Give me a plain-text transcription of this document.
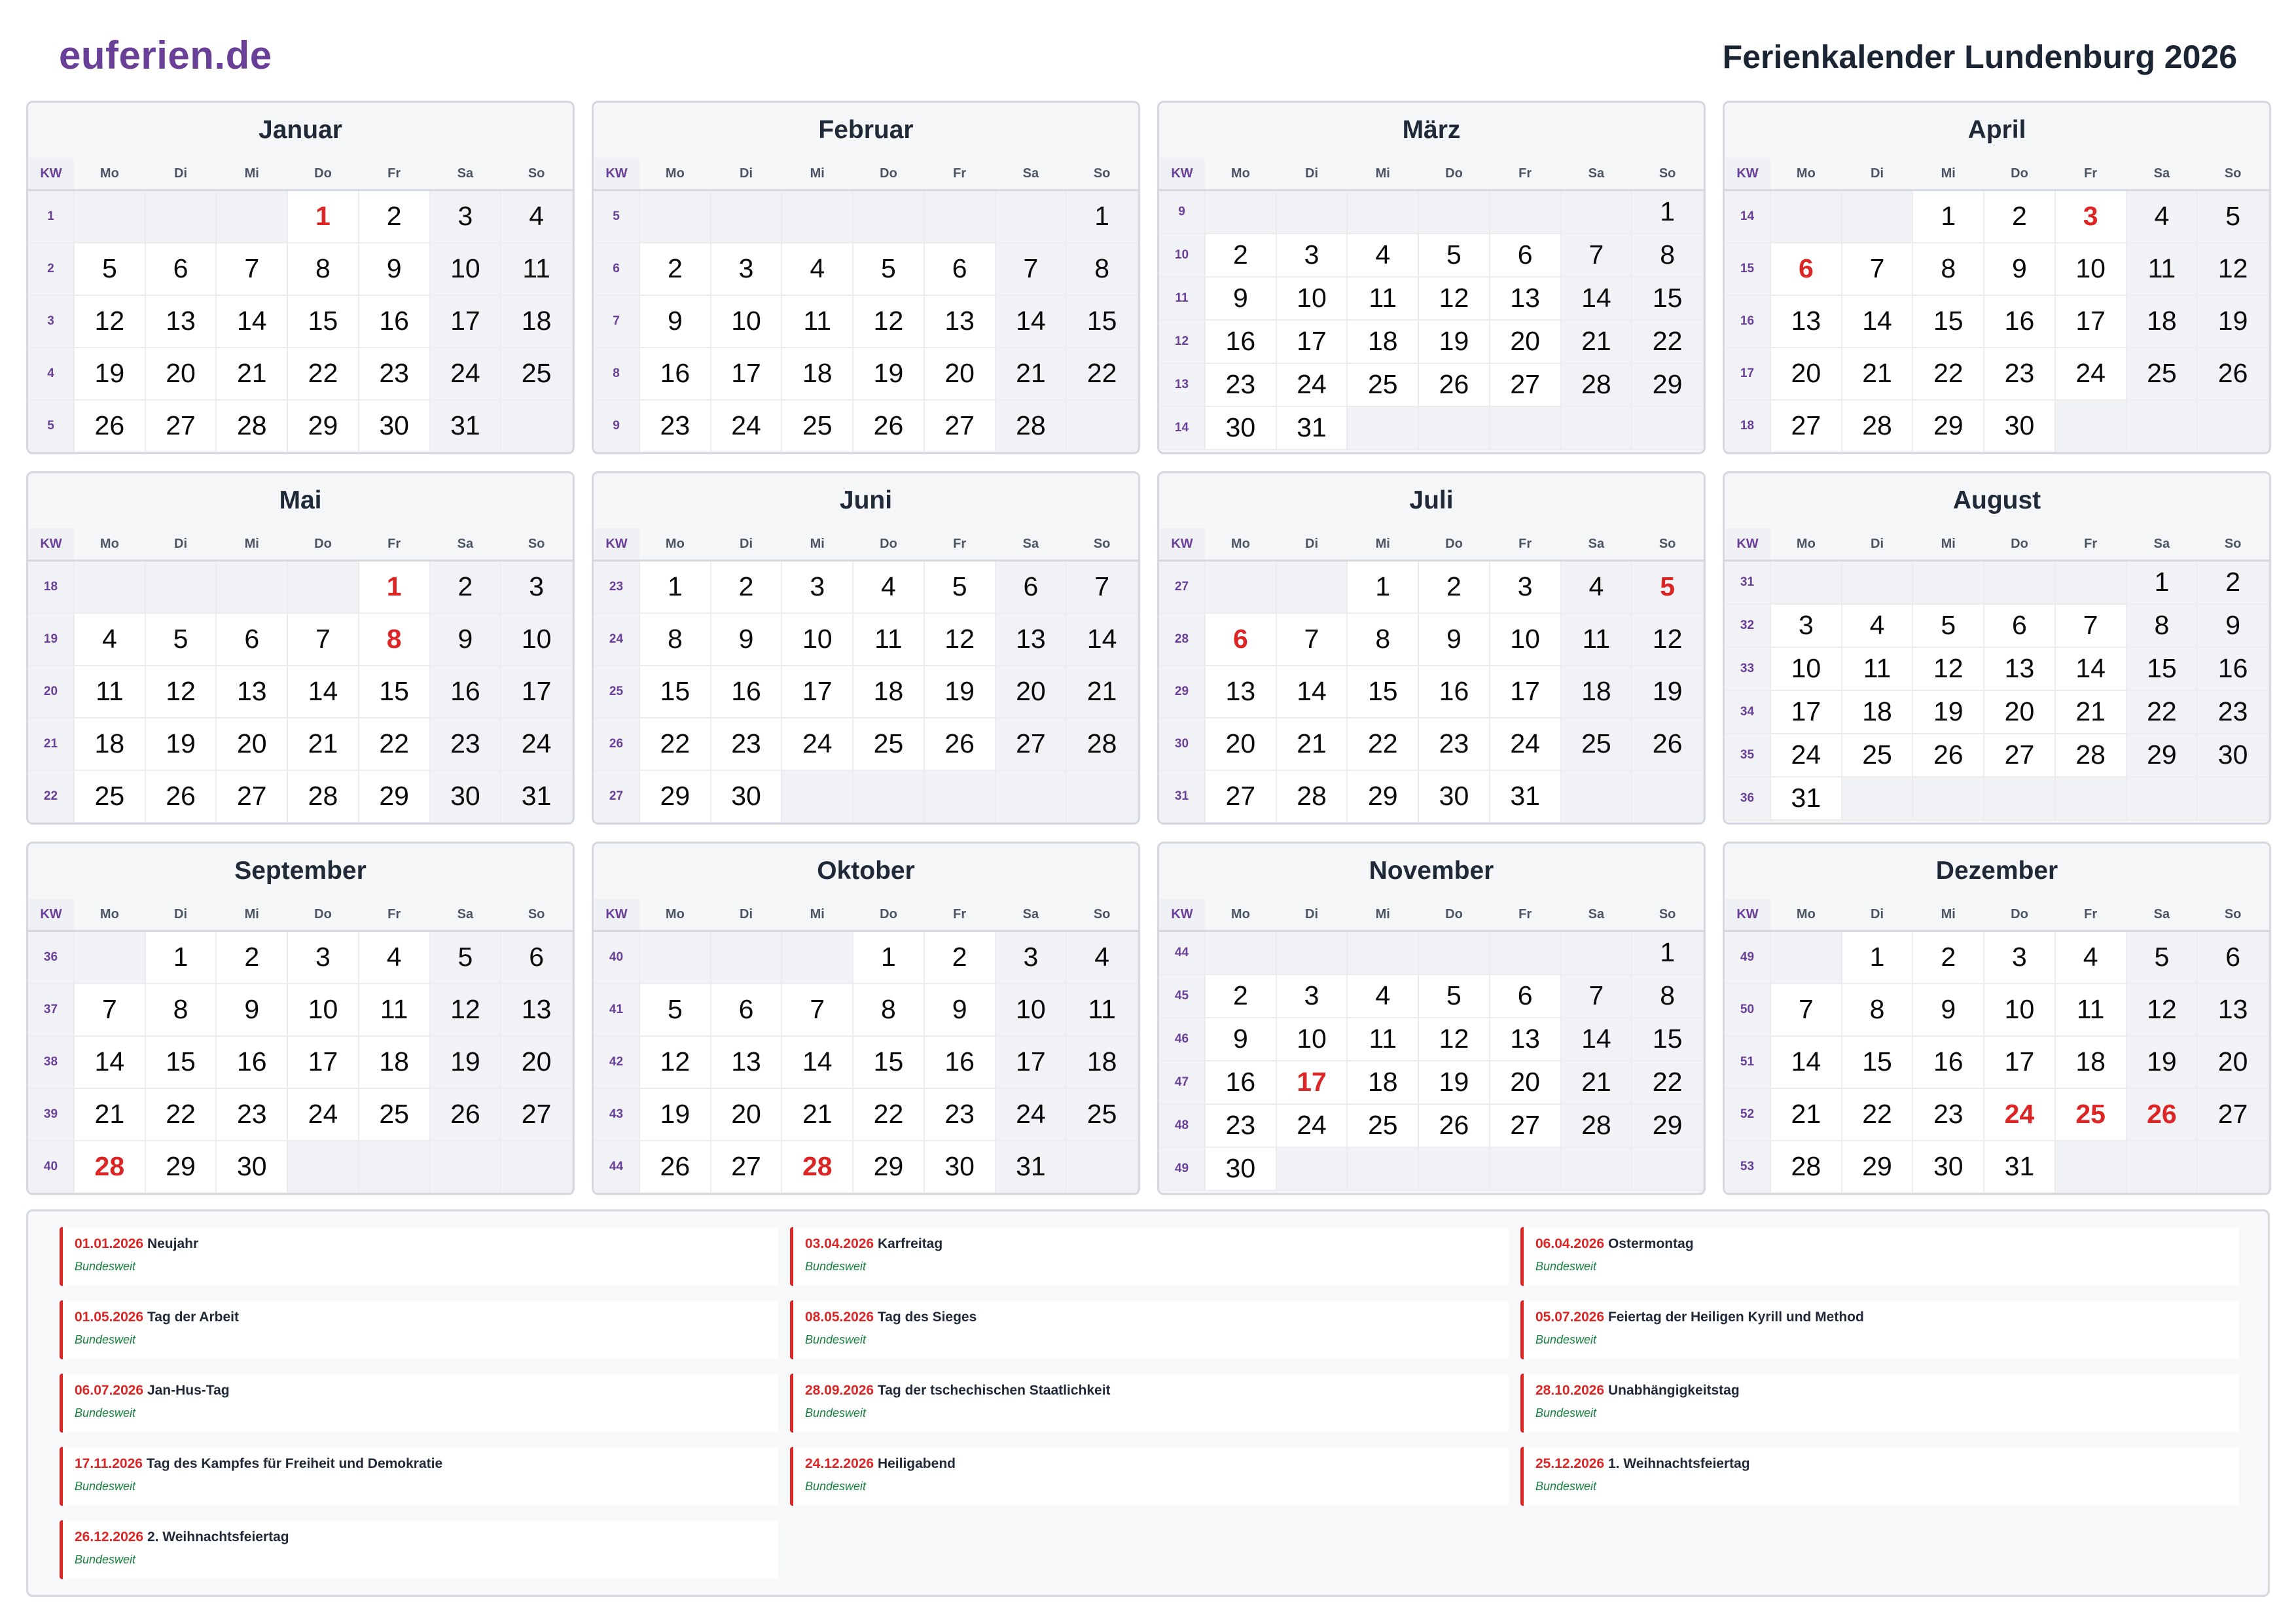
euferien.de	Ferienkalender Lundenburg 2026
Januar
KW	Mo	Di	Mi	Do	Fr	Sa	So
1				1	2	3	4
2	5	6	7	8	9	10	11
3	12	13	14	15	16	17	18
4	19	20	21	22	23	24	25
5	26	27	28	29	30	31	
Februar
KW	Mo	Di	Mi	Do	Fr	Sa	So
5							1
6	2	3	4	5	6	7	8
7	9	10	11	12	13	14	15
8	16	17	18	19	20	21	22
9	23	24	25	26	27	28	
März
KW	Mo	Di	Mi	Do	Fr	Sa	So
9							1
10	2	3	4	5	6	7	8
11	9	10	11	12	13	14	15
12	16	17	18	19	20	21	22
13	23	24	25	26	27	28	29
14	30	31					
April
KW	Mo	Di	Mi	Do	Fr	Sa	So
14			1	2	3	4	5
15	6	7	8	9	10	11	12
16	13	14	15	16	17	18	19
17	20	21	22	23	24	25	26
18	27	28	29	30			
Mai
KW	Mo	Di	Mi	Do	Fr	Sa	So
18					1	2	3
19	4	5	6	7	8	9	10
20	11	12	13	14	15	16	17
21	18	19	20	21	22	23	24
22	25	26	27	28	29	30	31
Juni
KW	Mo	Di	Mi	Do	Fr	Sa	So
23	1	2	3	4	5	6	7
24	8	9	10	11	12	13	14
25	15	16	17	18	19	20	21
26	22	23	24	25	26	27	28
27	29	30					
Juli
KW	Mo	Di	Mi	Do	Fr	Sa	So
27			1	2	3	4	5
28	6	7	8	9	10	11	12
29	13	14	15	16	17	18	19
30	20	21	22	23	24	25	26
31	27	28	29	30	31		
August
KW	Mo	Di	Mi	Do	Fr	Sa	So
31						1	2
32	3	4	5	6	7	8	9
33	10	11	12	13	14	15	16
34	17	18	19	20	21	22	23
35	24	25	26	27	28	29	30
36	31						
September
KW	Mo	Di	Mi	Do	Fr	Sa	So
36		1	2	3	4	5	6
37	7	8	9	10	11	12	13
38	14	15	16	17	18	19	20
39	21	22	23	24	25	26	27
40	28	29	30				
Oktober
KW	Mo	Di	Mi	Do	Fr	Sa	So
40				1	2	3	4
41	5	6	7	8	9	10	11
42	12	13	14	15	16	17	18
43	19	20	21	22	23	24	25
44	26	27	28	29	30	31	
November
KW	Mo	Di	Mi	Do	Fr	Sa	So
44							1
45	2	3	4	5	6	7	8
46	9	10	11	12	13	14	15
47	16	17	18	19	20	21	22
48	23	24	25	26	27	28	29
49	30						
Dezember
KW	Mo	Di	Mi	Do	Fr	Sa	So
49		1	2	3	4	5	6
50	7	8	9	10	11	12	13
51	14	15	16	17	18	19	20
52	21	22	23	24	25	26	27
53	28	29	30	31			
01.01.2026 Neujahr
Bundesweit
03.04.2026 Karfreitag
Bundesweit
06.04.2026 Ostermontag
Bundesweit
01.05.2026 Tag der Arbeit
Bundesweit
08.05.2026 Tag des Sieges
Bundesweit
05.07.2026 Feiertag der Heiligen Kyrill und Method
Bundesweit
06.07.2026 Jan-Hus-Tag
Bundesweit
28.09.2026 Tag der tschechischen Staatlichkeit
Bundesweit
28.10.2026 Unabhängigkeitstag
Bundesweit
17.11.2026 Tag des Kampfes für Freiheit und Demokratie
Bundesweit
24.12.2026 Heiligabend
Bundesweit
25.12.2026 1. Weihnachtsfeiertag
Bundesweit
26.12.2026 2. Weihnachtsfeiertag
Bundesweit
